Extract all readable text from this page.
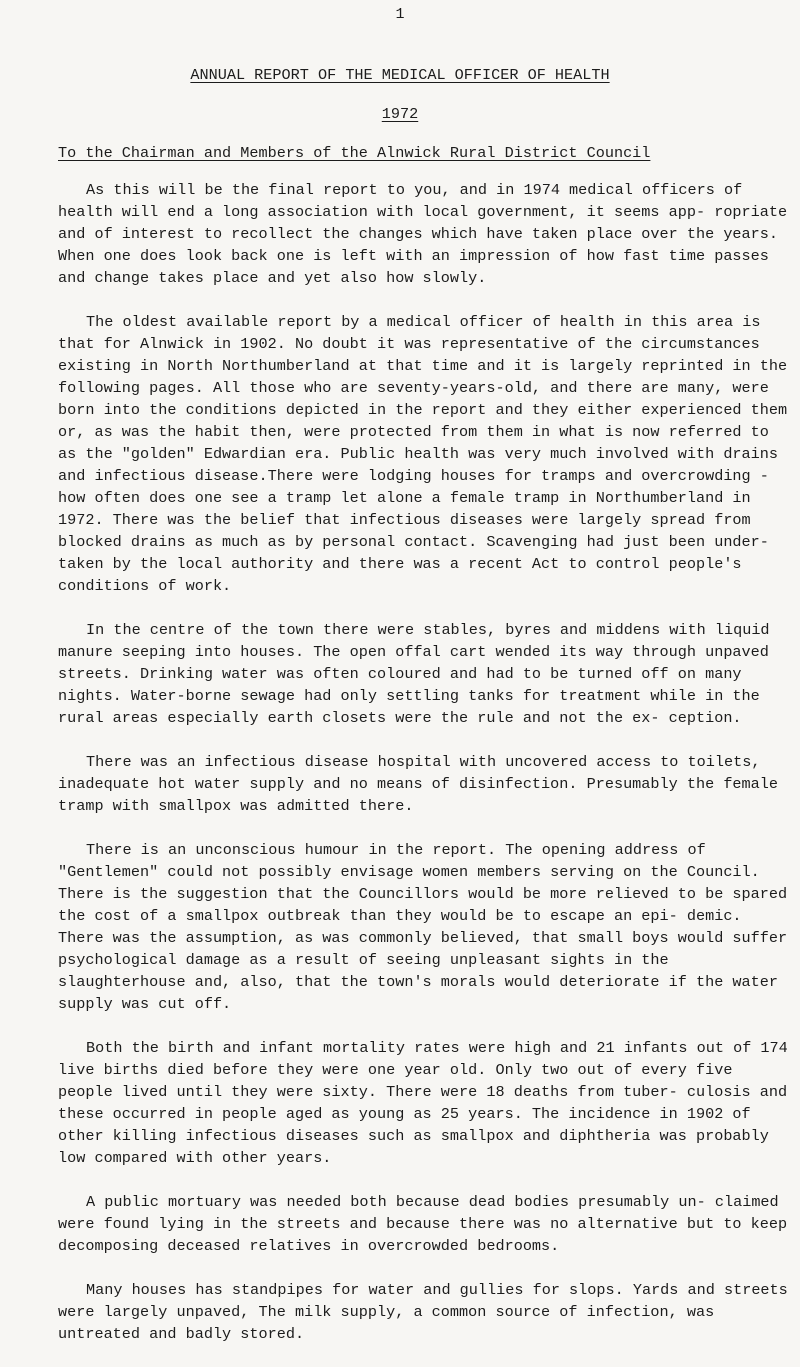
1

ANNUAL REPORT OF THE MEDICAL OFFICER OF HEALTH
1972

To the Chairman and Members of the Alnwick Rural District Council

As this will be the final report to you, and in 1974 medical officers of health will end a long association with local government, it seems app- ropriate and of interest to recollect the changes which have taken place over the years. When one does look back one is left with an impression of how fast time passes and change takes place and yet also how slowly.

The oldest available report by a medical officer of health in this area is that for Alnwick in 1902. No doubt it was representative of the circumstances existing in North Northumberland at that time and it is largely reprinted in the following pages. All those who are seventy-years-old, and there are many, were born into the conditions depicted in the report and they either experienced them or, as was the habit then, were protected from them in what is now referred to as the "golden" Edwardian era. Public health was very much involved with drains and infectious disease.There were lodging houses for tramps and overcrowding - how often does one see a tramp let alone a female tramp in Northumberland in 1972. There was the belief that infectious diseases were largely spread from blocked drains as much as by personal contact. Scavenging had just been under- taken by the local authority and there was a recent Act to control people's conditions of work.

In the centre of the town there were stables, byres and middens with liquid manure seeping into houses. The open offal cart wended its way through unpaved streets. Drinking water was often coloured and had to be turned off on many nights. Water-borne sewage had only settling tanks for treatment while in the rural areas especially earth closets were the rule and not the ex- ception.

There was an infectious disease hospital with uncovered access to toilets, inadequate hot water supply and no means of disinfection. Presumably the female tramp with smallpox was admitted there.

There is an unconscious humour in the report. The opening address of "Gentlemen" could not possibly envisage women members serving on the Council. There is the suggestion that the Councillors would be more relieved to be spared the cost of a smallpox outbreak than they would be to escape an epi- demic. There was the assumption, as was commonly believed, that small boys would suffer psychological damage as a result of seeing unpleasant sights in the slaughterhouse and, also, that the town's morals would deteriorate if the water supply was cut off.

Both the birth and infant mortality rates were high and 21 infants out of 174 live births died before they were one year old. Only two out of every five people lived until they were sixty. There were 18 deaths from tuber- culosis and these occurred in people aged as young as 25 years. The incidence in 1902 of other killing infectious diseases such as smallpox and diphtheria was probably low compared with other years.

A public mortuary was needed both because dead bodies presumably un- claimed were found lying in the streets and because there was no alternative but to keep decomposing deceased relatives in overcrowded bedrooms.

Many houses has standpipes for water and gullies for slops. Yards and streets were largely unpaved, The milk supply, a common source of infection, was untreated and badly stored.
